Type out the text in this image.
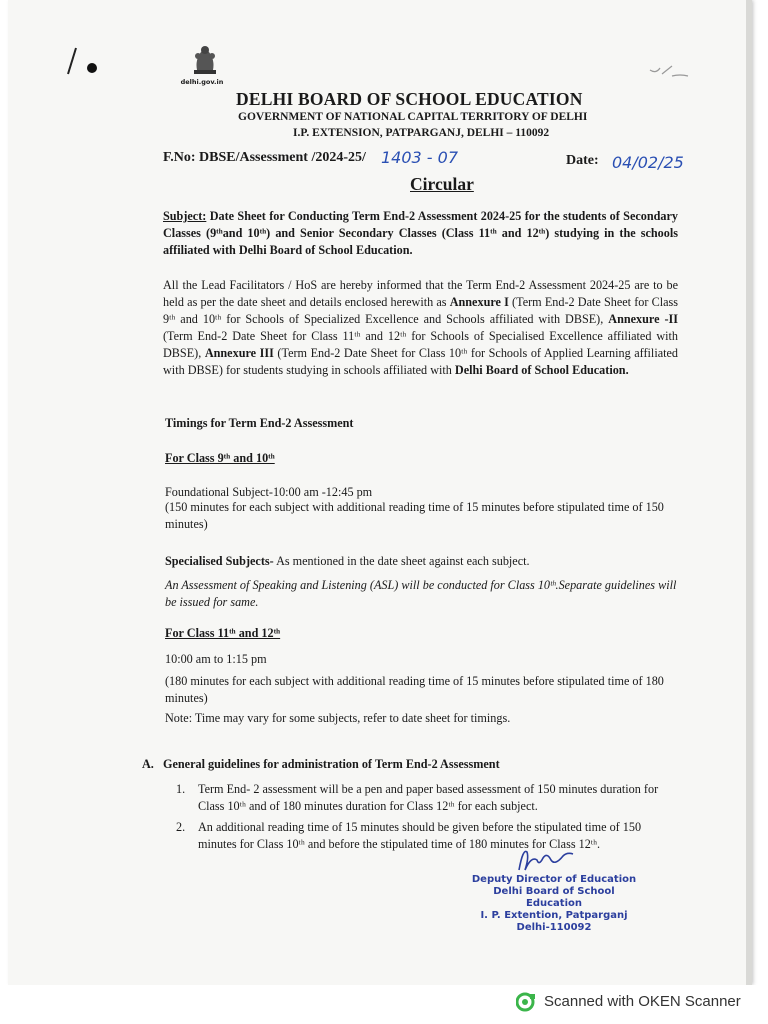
delhi.gov.in
DELHI BOARD OF SCHOOL EDUCATION
GOVERNMENT OF NATIONAL CAPITAL TERRITORY OF DELHI
I.P. EXTENSION, PATPARGANJ, DELHI – 110092
F.No: DBSE/Assessment /2024-25/ 1403 - 07	Date: 04/02/25
Circular
Subject: Date Sheet for Conducting Term End-2 Assessment 2024-25 for the students of Secondary Classes (9ᵗʰand 10ᵗʰ) and Senior Secondary Classes (Class 11ᵗʰ and 12ᵗʰ) studying in the schools affiliated with Delhi Board of School Education.
All the Lead Facilitators / HoS are hereby informed that the Term End-2 Assessment 2024-25 are to be held as per the date sheet and details enclosed herewith as Annexure I (Term End-2 Date Sheet for Class 9ᵗʰ and 10ᵗʰ for Schools of Specialized Excellence and Schools affiliated with DBSE), Annexure -II (Term End-2 Date Sheet for Class 11ᵗʰ and 12ᵗʰ for Schools of Specialised Excellence affiliated with DBSE), Annexure III (Term End-2 Date Sheet for Class 10ᵗʰ for Schools of Applied Learning affiliated with DBSE) for students studying in schools affiliated with Delhi Board of School Education.
Timings for Term End-2 Assessment
For Class 9ᵗʰ and 10ᵗʰ
Foundational Subject-10:00 am -12:45 pm
(150 minutes for each subject with additional reading time of 15 minutes before stipulated time of 150 minutes)
Specialised Subjects- As mentioned in the date sheet against each subject.
An Assessment of Speaking and Listening (ASL) will be conducted for Class 10ᵗʰ.Separate guidelines will be issued for same.
For Class 11ᵗʰ and 12ᵗʰ
10:00 am to 1:15 pm
(180 minutes for each subject with additional reading time of 15 minutes before stipulated time of 180 minutes)
Note: Time may vary for some subjects, refer to date sheet for timings.
A. General guidelines for administration of Term End-2 Assessment
1.	Term End- 2 assessment will be a pen and paper based assessment of 150 minutes duration for Class 10ᵗʰ and of 180 minutes duration for Class 12ᵗʰ for each subject.
2.	An additional reading time of 15 minutes should be given before the stipulated time of 150 minutes for Class 10ᵗʰ and before the stipulated time of 180 minutes for Class 12ᵗʰ.
Deputy Director of Education
Delhi Board of School Education
I. P. Extention, Patparganj
Delhi-110092
Scanned with OKEN Scanner
